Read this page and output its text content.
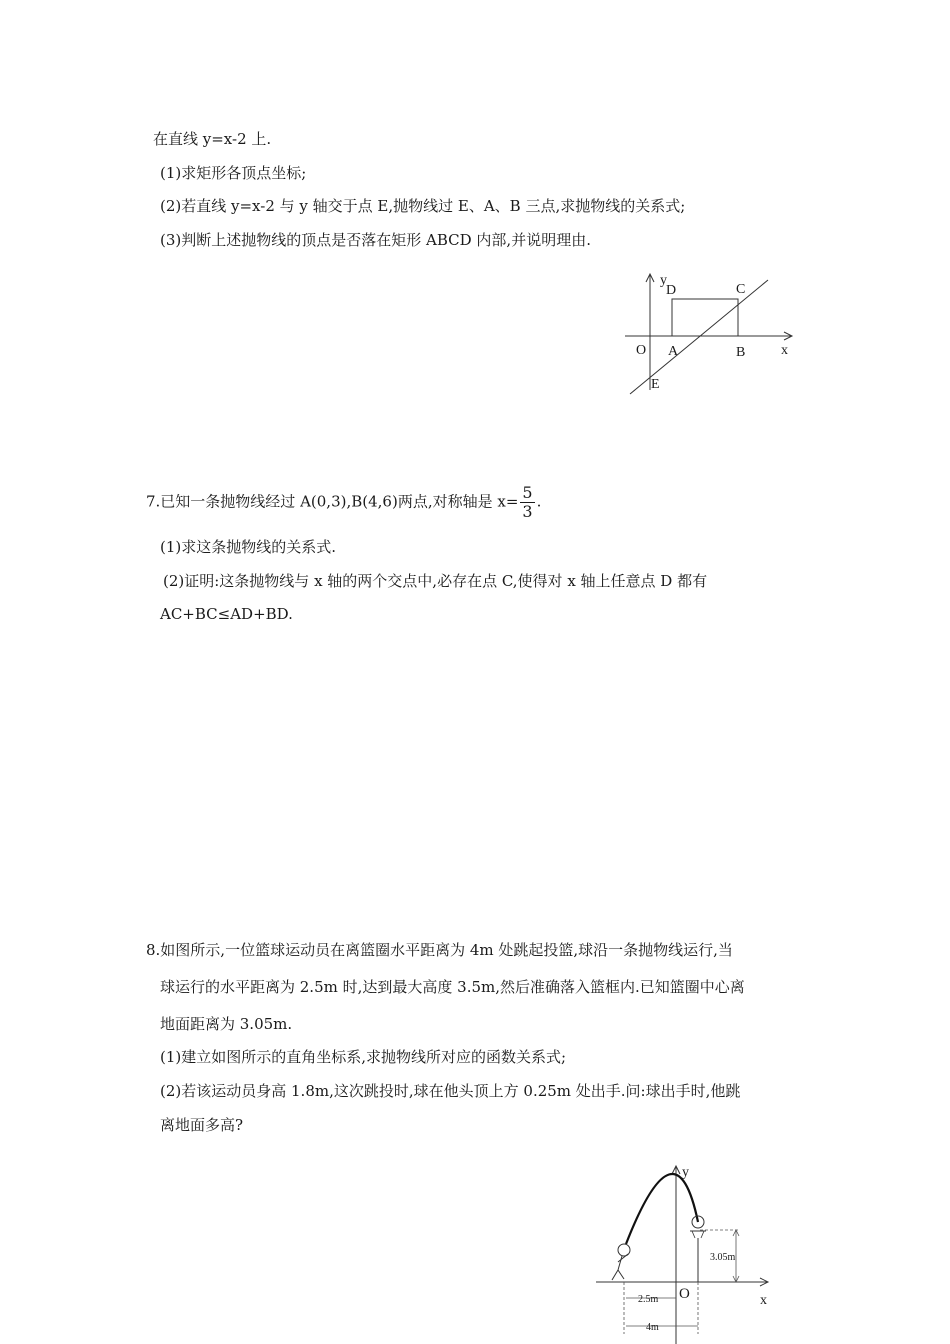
在直线 y=x-2 上.
(1)求矩形各顶点坐标;
(2)若直线 y=x-2 与 y 轴交于点 E,抛物线过 E、A、B 三点,求抛物线的关系式;
(3)判断上述抛物线的顶点是否落在矩形 ABCD 内部,并说明理由.
y
D	C
O A	B	x
E
7.已知一条抛物线经过 A(0,3),B(4,6)两点,对称轴是 $x= \frac{5}{3}$ .
(1)求这条抛物线的关系式.
(2)证明:这条抛物线与 x 轴的两个交点中,必存在点 C,使得对 x 轴上任意点 D 都有
AC+BC≤AD+BD.
8.如图所示,一位篮球运动员在离篮圈水平距离为 4m 处跳起投篮,球沿一条抛物线运行,当
球运行的水平距离为 2.5m 时,达到最大高度 3.5m,然后准确落入篮框内.已知篮圈中心离
地面距离为 3.05m.
(1)建立如图所示的直角坐标系,求抛物线所对应的函数关系式;
(2)若该运动员身高 1.8m,这次跳投时,球在他头顶上方 0.25m 处出手.问:球出手时,他跳
离地面多高?
3.05m
2.5m
4m
y
O	x
